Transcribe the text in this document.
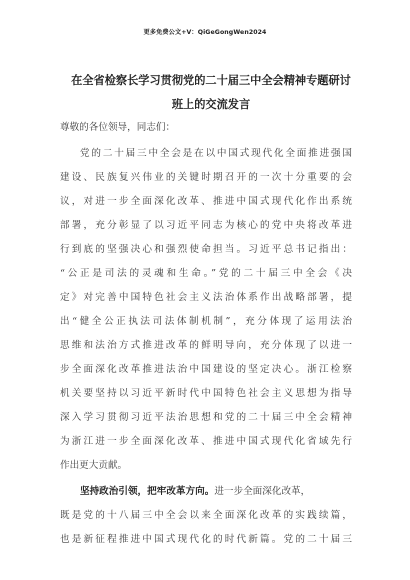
更多免费公文+V：QiGeGongWen2024
在全省检察长学习贯彻党的二十届三中全会精神专题研讨
班上的交流发言
尊敬的各位领导，同志们：
党的二十届三中全会是在以中国式现代化全面推进强国
建设、民族复兴伟业的关键时期召开的一次十分重要的会
议，对进一步全面深化改革、推进中国式现代化作出系统
部署，充分彰显了以习近平同志为核心的党中央将改革进
行到底的坚强决心和强烈使命担当。习近平总书记指出：
“公正是司法的灵魂和生命。”党的二十届三中全会《决
定》对完善中国特色社会主义法治体系作出战略部署，提
出“健全公正执法司法体制机制”，充分体现了运用法治
思维和法治方式推进改革的鲜明导向，充分体现了以进一
步全面深化改革推进法治中国建设的坚定决心。浙江检察
机关要坚持以习近平新时代中国特色社会主义思想为指导
深入学习贯彻习近平法治思想和党的二十届三中全会精神
为浙江进一步全面深化改革、推进中国式现代化省域先行
作出更大贡献。
坚持政治引领，把牢改革方向。进一步全面深化改革，
既是党的十八届三中全会以来全面深化改革的实践续篇，
也是新征程推进中国式现代化的时代新篇。党的二十届三
